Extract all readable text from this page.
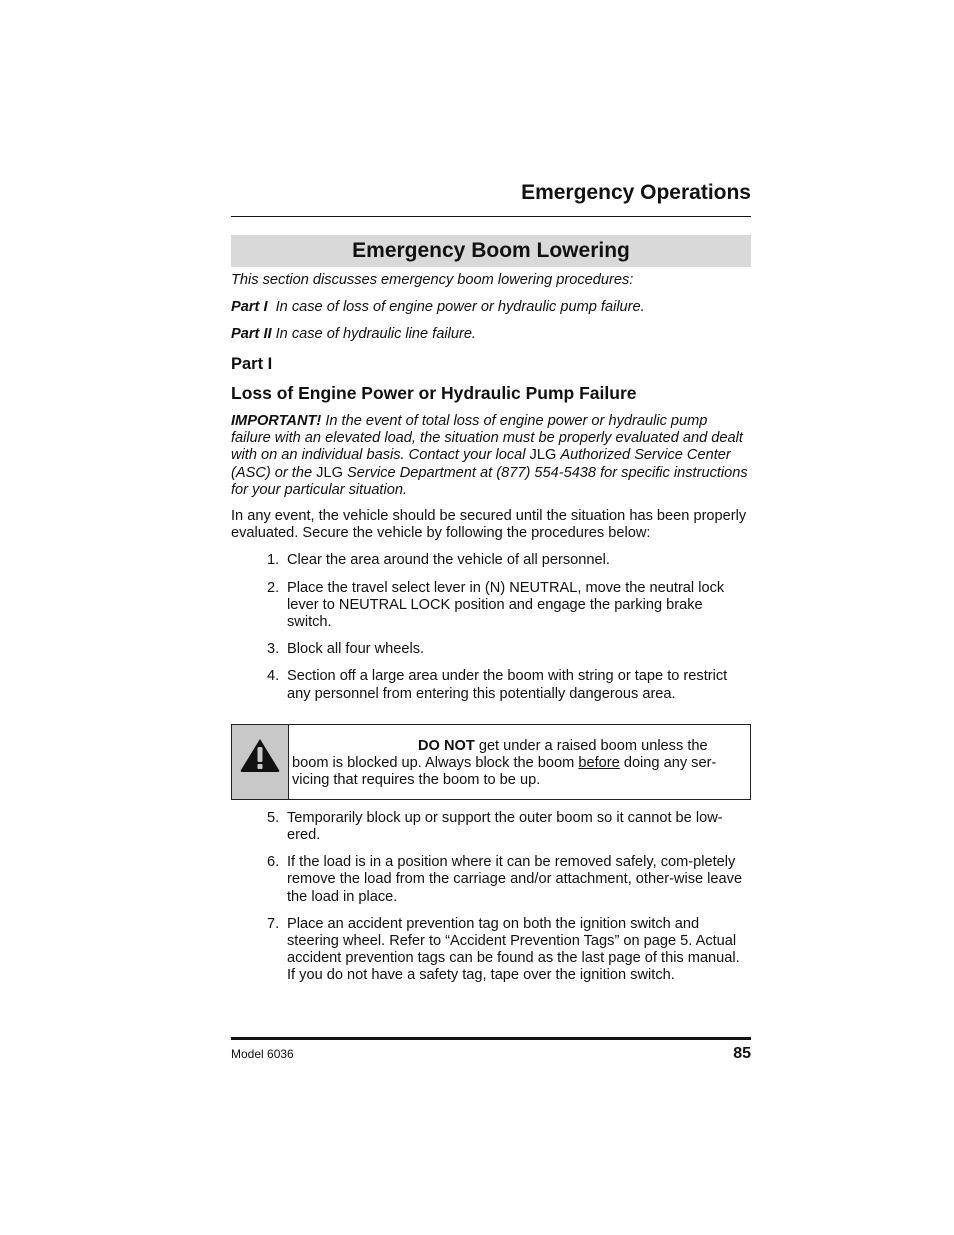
Emergency Operations
Emergency Boom Lowering

This section discusses emergency boom lowering procedures:

Part I In case of loss of engine power or hydraulic pump failure.

Part II In case of hydraulic line failure.

Part I

Loss of Engine Power or Hydraulic Pump Failure

IMPORTANT! In the event of total loss of engine power or hydraulic pump failure with an elevated load, the situation must be properly evaluated and dealt with on an individual basis. Contact your local JLG Authorized Service Center (ASC) or the JLG Service Department at (877) 554-5438 for specific instructions for your particular situation.

In any event, the vehicle should be secured until the situation has been properly evaluated. Secure the vehicle by following the procedures below:

1. Clear the area around the vehicle of all personnel.
2. Place the travel select lever in (N) NEUTRAL, move the neutral lock lever to NEUTRAL LOCK position and engage the parking brake switch.
3. Block all four wheels.
4. Section off a large area under the boom with string or tape to restrict any personnel from entering this potentially dangerous area.
DO NOT get under a raised boom unless the boom is blocked up. Always block the boom before doing any ser-vicing that requires the boom to be up.
5. Temporarily block up or support the outer boom so it cannot be low-ered.
6. If the load is in a position where it can be removed safely, com-pletely remove the load from the carriage and/or attachment, other-wise leave the load in place.
7. Place an accident prevention tag on both the ignition switch and steering wheel. Refer to “Accident Prevention Tags” on page 5. Actual accident prevention tags can be found as the last page of this manual. If you do not have a safety tag, tape over the ignition switch.
Model 6036	85
